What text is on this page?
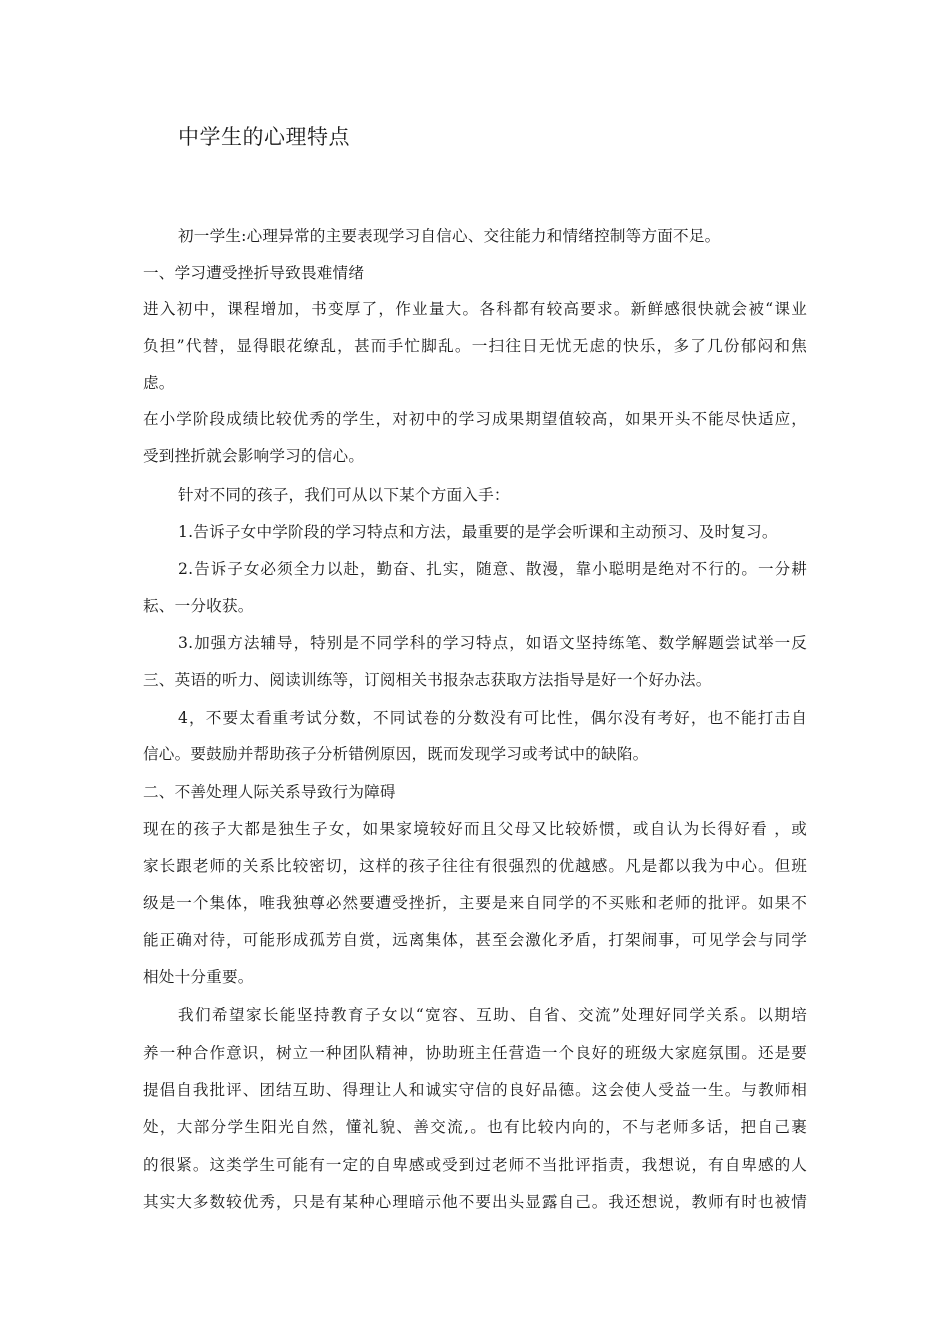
中学生的心理特点
初一学生:心理异常的主要表现学习自信心、交往能力和情绪控制等方面不足。
一、学习遭受挫折导致畏难情绪
进入初中，课程增加，书变厚了，作业量大。各科都有较高要求。新鲜感很快就会被“课业
负担”代替，显得眼花缭乱，甚而手忙脚乱。一扫往日无忧无虑的快乐，多了几份郁闷和焦
虑。
在小学阶段成绩比较优秀的学生，对初中的学习成果期望值较高，如果开头不能尽快适应，
受到挫折就会影响学习的信心。
针对不同的孩子，我们可从以下某个方面入手：
1.告诉子女中学阶段的学习特点和方法，最重要的是学会听课和主动预习、及时复习。
2.告诉子女必须全力以赴，勤奋、扎实，随意、散漫，靠小聪明是绝对不行的。一分耕
耘、一分收获。
3.加强方法辅导，特别是不同学科的学习特点，如语文坚持练笔、数学解题尝试举一反
三、英语的听力、阅读训练等，订阅相关书报杂志获取方法指导是好一个好办法。
4，不要太看重考试分数，不同试卷的分数没有可比性，偶尔没有考好，也不能打击自
信心。要鼓励并帮助孩子分析错例原因，既而发现学习或考试中的缺陷。
二、不善处理人际关系导致行为障碍
现在的孩子大都是独生子女，如果家境较好而且父母又比较娇惯，或自认为长得好看 ，或
家长跟老师的关系比较密切，这样的孩子往往有很强烈的优越感。凡是都以我为中心。但班
级是一个集体，唯我独尊必然要遭受挫折，主要是来自同学的不买账和老师的批评。如果不
能正确对待，可能形成孤芳自赏，远离集体，甚至会激化矛盾，打架闹事，可见学会与同学
相处十分重要。
我们希望家长能坚持教育子女以“宽容、互助、自省、交流”处理好同学关系。以期培
养一种合作意识，树立一种团队精神，协助班主任营造一个良好的班级大家庭氛围。还是要
提倡自我批评、团结互助、得理让人和诚实守信的良好品德。这会使人受益一生。与教师相
处，大部分学生阳光自然，懂礼貌、善交流,。也有比较内向的，不与老师多话，把自己裹
的很紧。这类学生可能有一定的自卑感或受到过老师不当批评指责，我想说，有自卑感的人
其实大多数较优秀，只是有某种心理暗示他不要出头显露自己。我还想说，教师有时也被情
